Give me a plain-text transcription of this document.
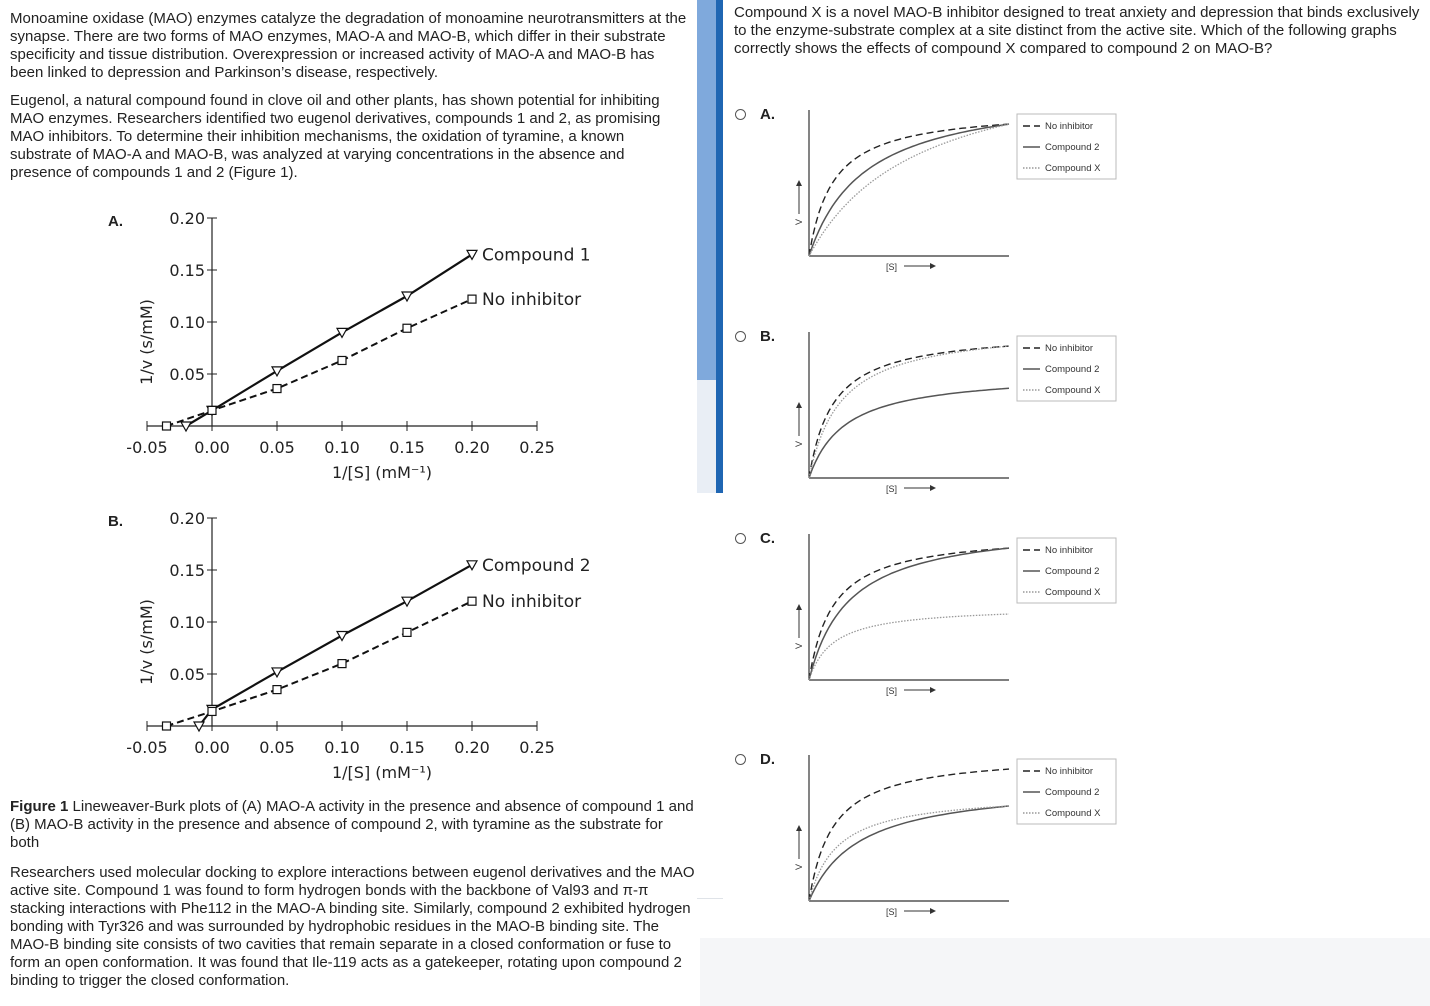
Monoamine oxidase (MAO) enzymes catalyze the degradation of monoamine neurotransmitters at the synapse. There are two forms of MAO enzymes, MAO-A and MAO-B, which differ in their substrate specificity and tissue distribution. Overexpression or increased activity of MAO-A and MAO-B has been linked to depression and Parkinson’s disease, respectively.

Eugenol, a natural compound found in clove oil and other plants, has shown potential for inhibiting MAO enzymes. Researchers identified two eugenol derivatives, compounds 1 and 2, as promising MAO inhibitors. To determine their inhibition mechanisms, the oxidation of tyramine, a known substrate of MAO-A and MAO-B, was analyzed at varying concentrations in the absence and presence of compounds 1 and 2 (Figure 1).

A.	0.20
0.15
0.10
0.05
-0.05 0.00 0.05 0.10 0.15 0.20 0.25
1/[S] (mM⁻¹)
1/v (s/mM)
Compound 1
No inhibitor
B.	0.20
0.15
0.10
0.05
-0.05 0.00 0.05 0.10 0.15 0.20 0.25
1/[S] (mM⁻¹)
1/v (s/mM)
Compound 2
No inhibitor

Figure 1 Lineweaver-Burk plots of (A) MAO-A activity in the presence and absence of compound 1 and (B) MAO-B activity in the presence and absence of compound 2, with tyramine as the substrate for both

Researchers used molecular docking to explore interactions between eugenol derivatives and the MAO active site. Compound 1 was found to form hydrogen bonds with the backbone of Val93 and π-π stacking interactions with Phe112 in the MAO-A binding site. Similarly, compound 2 exhibited hydrogen bonding with Tyr326 and was surrounded by hydrophobic residues in the MAO-B binding site. The MAO-B binding site consists of two cavities that remain separate in a closed conformation or fuse to form an open conformation. It was found that Ile-119 acts as a gatekeeper, rotating upon compound 2 binding to trigger the closed conformation.

Compound X is a novel MAO-B inhibitor designed to treat anxiety and depression that binds exclusively to the enzyme-substrate complex at a site distinct from the active site. Which of the following graphs correctly shows the effects of compound X compared to compound 2 on MAO-B?

A.
[S]
V
No inhibitor
Compound 2
Compound X
B.
[S]
V
No inhibitor
Compound 2
Compound X
C.
[S]
V
No inhibitor
Compound 2
Compound X
D.
[S]
V
No inhibitor
Compound 2
Compound X
